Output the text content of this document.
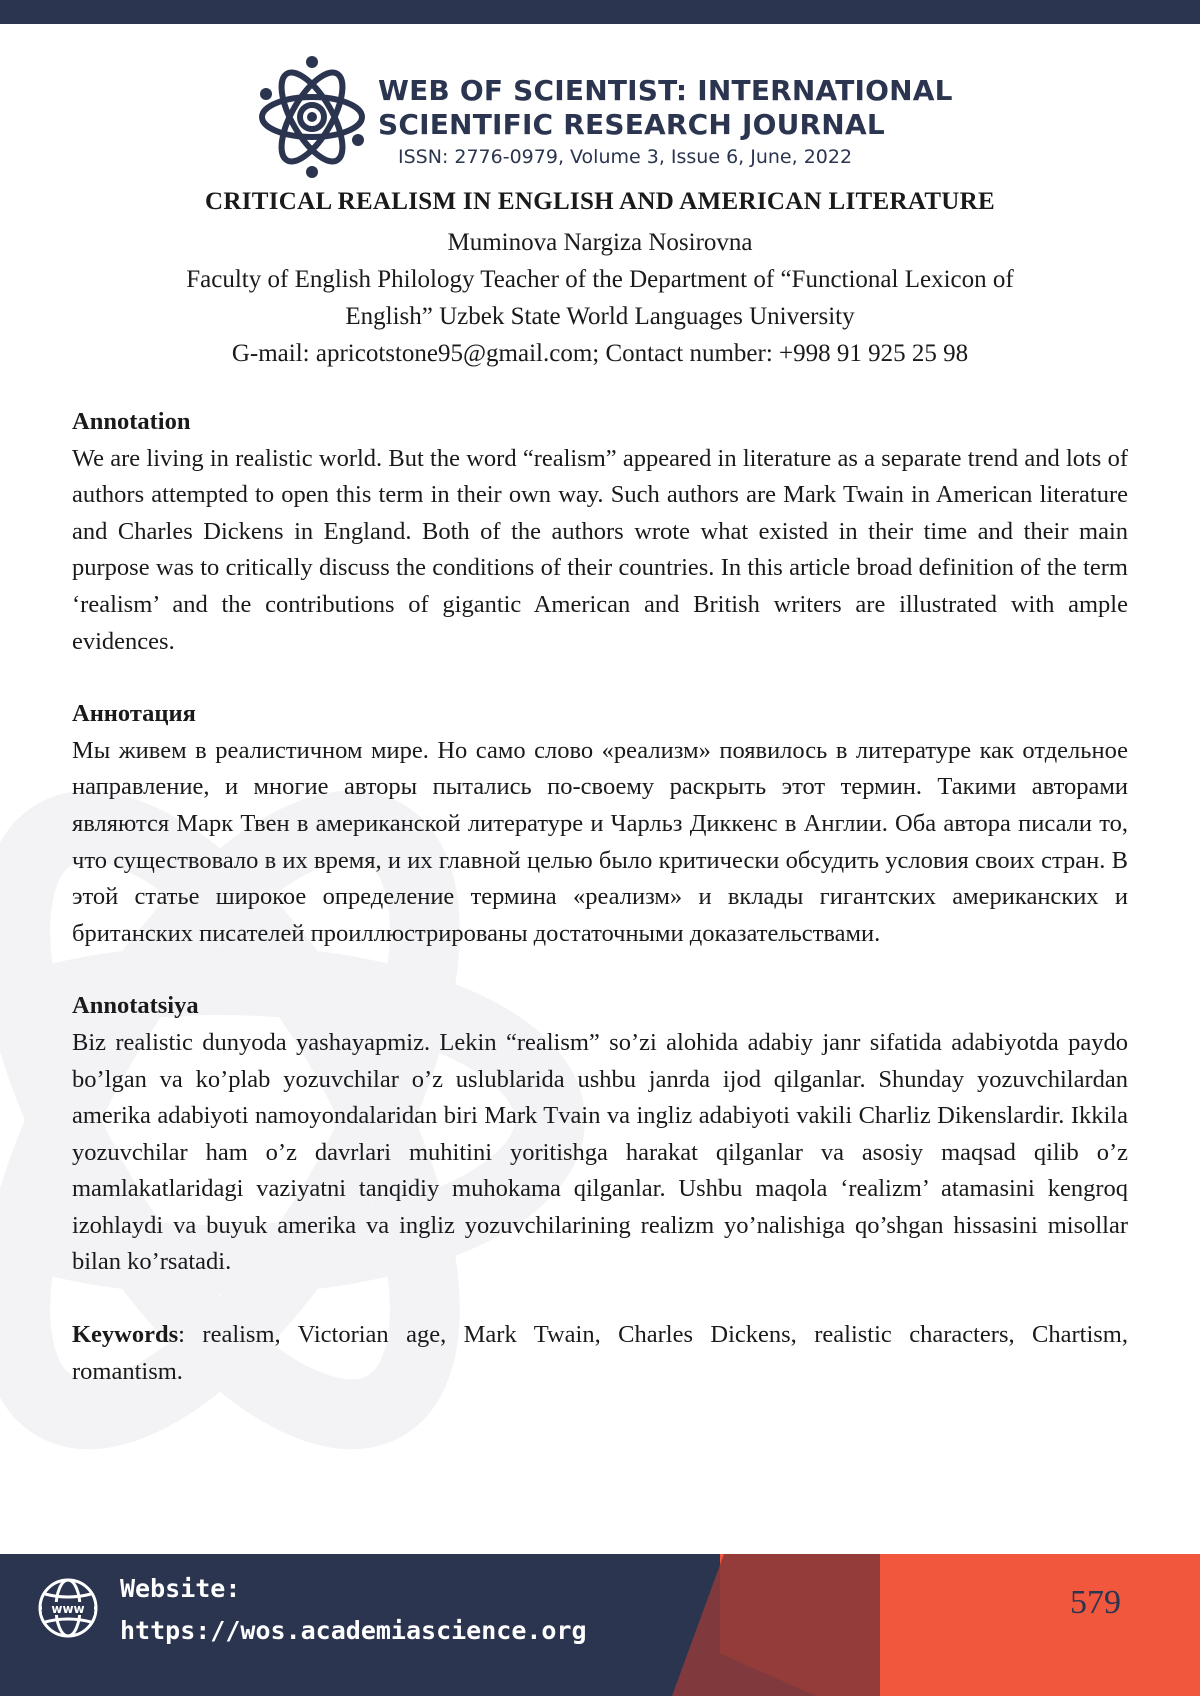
WEB OF SCIENTIST: INTERNATIONAL
SCIENTIFIC RESEARCH JOURNAL
ISSN: 2776-0979, Volume 3, Issue 6, June, 2022
CRITICAL REALISM IN ENGLISH AND AMERICAN LITERATURE
Muminova Nargiza Nosirovna
Faculty of English Philology Teacher of the Department of “Functional Lexicon of
English” Uzbek State World Languages University
G-mail: apricotstone95@gmail.com; Contact number: +998 91 925 25 98

Annotation

We are living in realistic world. But the word “realism” appeared in literature as a separate trend and lots of authors attempted to open this term in their own way. Such authors are Mark Twain in American literature and Charles Dickens in England. Both of the authors wrote what existed in their time and their main purpose was to critically discuss the conditions of their countries. In this article broad definition of the term ‘realism’ and the contributions of gigantic American and British writers are illustrated with ample evidences.

Аннотация

Мы живем в реалистичном мире. Но само слово «реализм» появилось в литературе как отдельное направление, и многие авторы пытались по-своему раскрыть этот термин. Такими авторами являются Марк Твен в американской литературе и Чарльз Диккенс в Англии. Оба автора писали то, что существовало в их время, и их главной целью было критически обсудить условия своих стран. В этой статье широкое определение термина «реализм» и вклады гигантских американских и британских писателей проиллюстрированы достаточными доказательствами.

Annotatsiya

Biz realistic dunyoda yashayapmiz. Lekin “realism” so’zi alohida adabiy janr sifatida adabiyotda paydo bo’lgan va ko’plab yozuvchilar o’z uslublarida ushbu janrda ijod qilganlar. Shunday yozuvchilardan amerika adabiyoti namoyondalaridan biri Mark Tvain va ingliz adabiyoti vakili Charliz Dikenslardir. Ikkila yozuvchilar ham o’z davrlari muhitini yoritishga harakat qilganlar va asosiy maqsad qilib o’z mamlakatlaridagi vaziyatni tanqidiy muhokama qilganlar. Ushbu maqola ‘realizm’ atamasini kengroq izohlaydi va buyuk amerika va ingliz yozuvchilarining realizm yo’nalishiga qo’shgan hissasini misollar bilan ko’rsatadi.

Keywords: realism, Victorian age, Mark Twain, Charles Dickens, realistic characters, Chartism, romantism.

www
Website:
https://wos.academiascience.org
579
